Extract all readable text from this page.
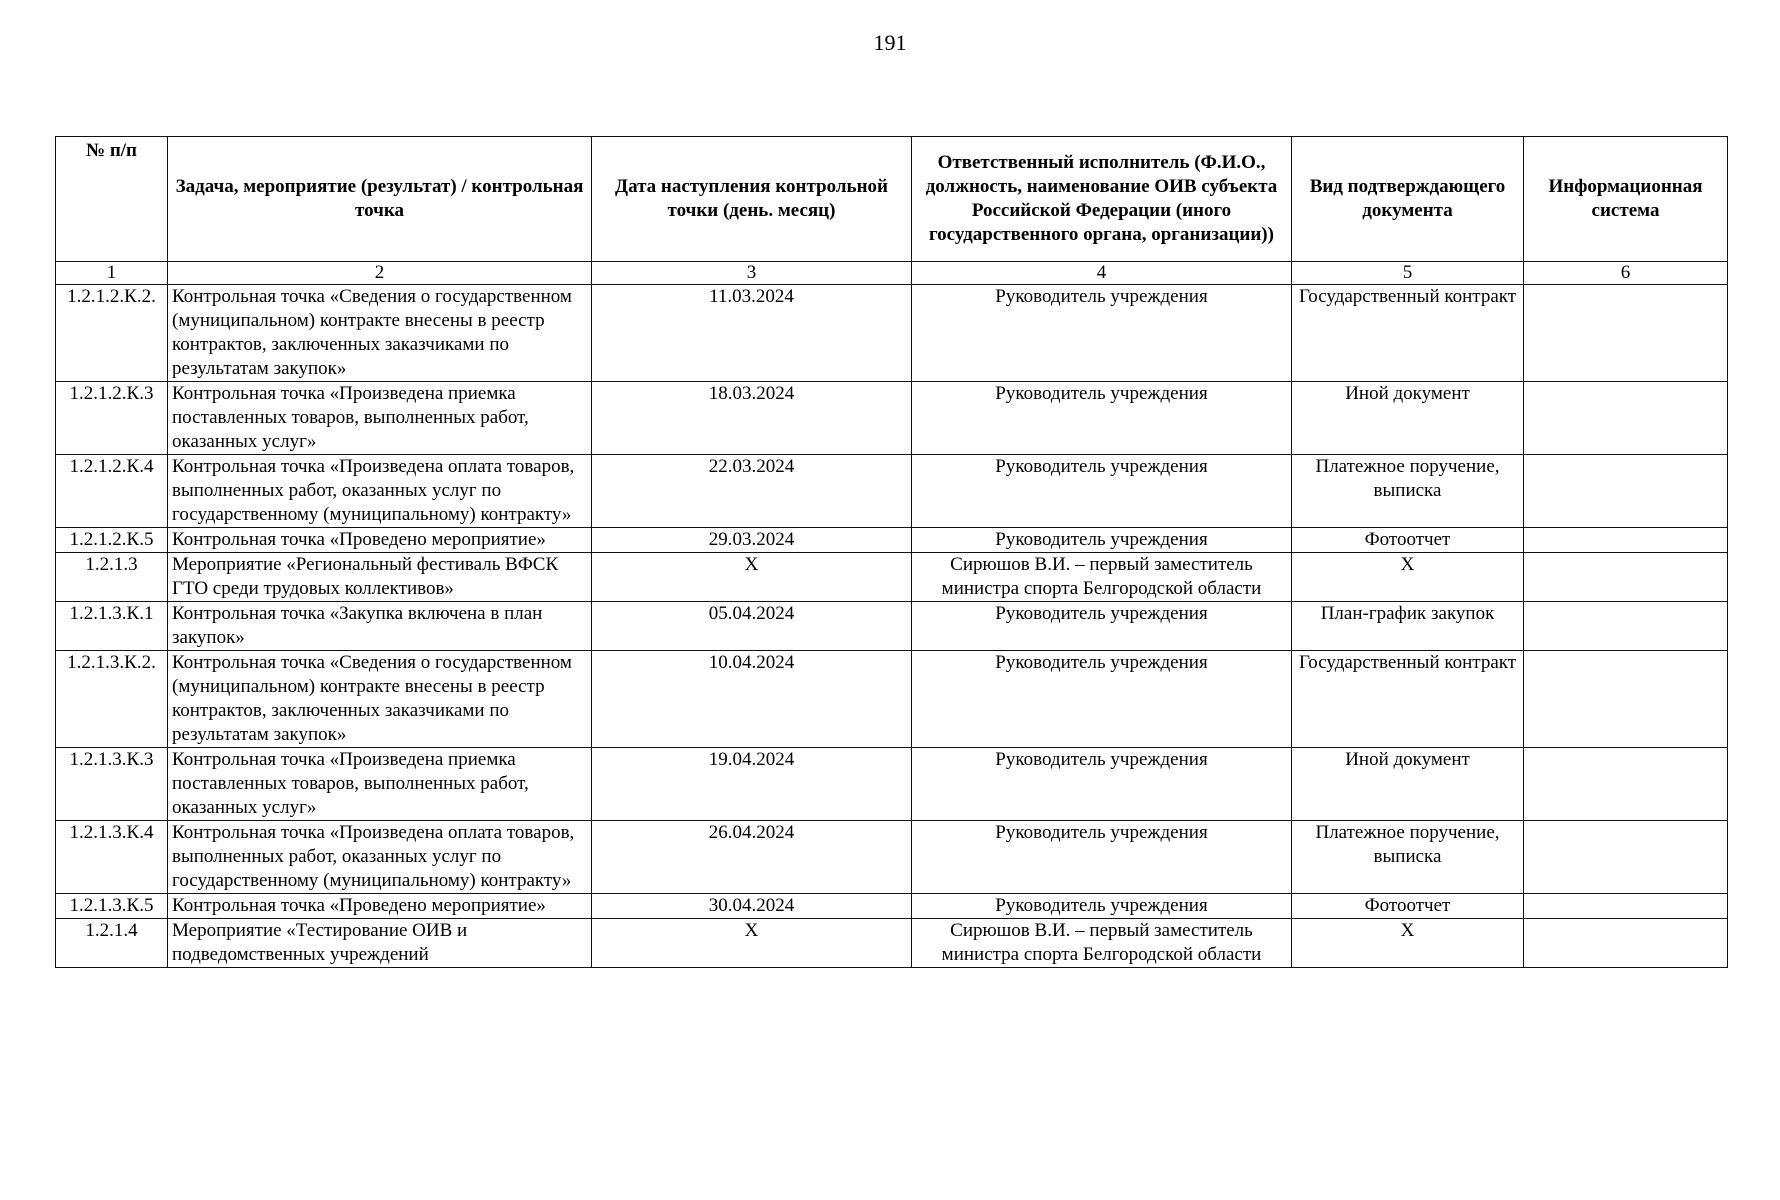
191
№ п/п	Задача, мероприятие (результат) / контрольная точка	Дата наступления контрольной точки (день. месяц)	Ответственный исполнитель (Ф.И.О., должность, наименование ОИВ субъекта Российской Федерации (иного государственного органа, организации))	Вид подтверждающего документа	Информационная система
1	2	3	4	5	6
1.2.1.2.К.2.	Контрольная точка «Сведения о государственном (муниципальном) контракте внесены в реестр контрактов, заключенных заказчиками по результатам закупок»	11.03.2024	Руководитель учреждения	Государственный контракт	
1.2.1.2.К.3	Контрольная точка «Произведена приемка поставленных товаров, выполненных работ, оказанных услуг»	18.03.2024	Руководитель учреждения	Иной документ	
1.2.1.2.К.4	Контрольная точка «Произведена оплата товаров, выполненных работ, оказанных услуг по государственному (муниципальному) контракту»	22.03.2024	Руководитель учреждения	Платежное поручение, выписка	
1.2.1.2.К.5	Контрольная точка «Проведено мероприятие»	29.03.2024	Руководитель учреждения	Фотоотчет	
1.2.1.3	Мероприятие «Региональный фестиваль ВФСК ГТО среди трудовых коллективов»	Х	Сирюшов В.И. – первый заместитель министра спорта Белгородской области	Х	
1.2.1.3.К.1	Контрольная точка «Закупка включена в план закупок»	05.04.2024	Руководитель учреждения	План-график закупок	
1.2.1.3.К.2.	Контрольная точка «Сведения о государственном (муниципальном) контракте внесены в реестр контрактов, заключенных заказчиками по результатам закупок»	10.04.2024	Руководитель учреждения	Государственный контракт	
1.2.1.3.К.3	Контрольная точка «Произведена приемка поставленных товаров, выполненных работ, оказанных услуг»	19.04.2024	Руководитель учреждения	Иной документ	
1.2.1.3.К.4	Контрольная точка «Произведена оплата товаров, выполненных работ, оказанных услуг по государственному (муниципальному) контракту»	26.04.2024	Руководитель учреждения	Платежное поручение, выписка	
1.2.1.3.К.5	Контрольная точка «Проведено мероприятие»	30.04.2024	Руководитель учреждения	Фотоотчет	
1.2.1.4	Мероприятие «Тестирование ОИВ и подведомственных учреждений	Х	Сирюшов В.И. – первый заместитель министра спорта Белгородской области	Х	
